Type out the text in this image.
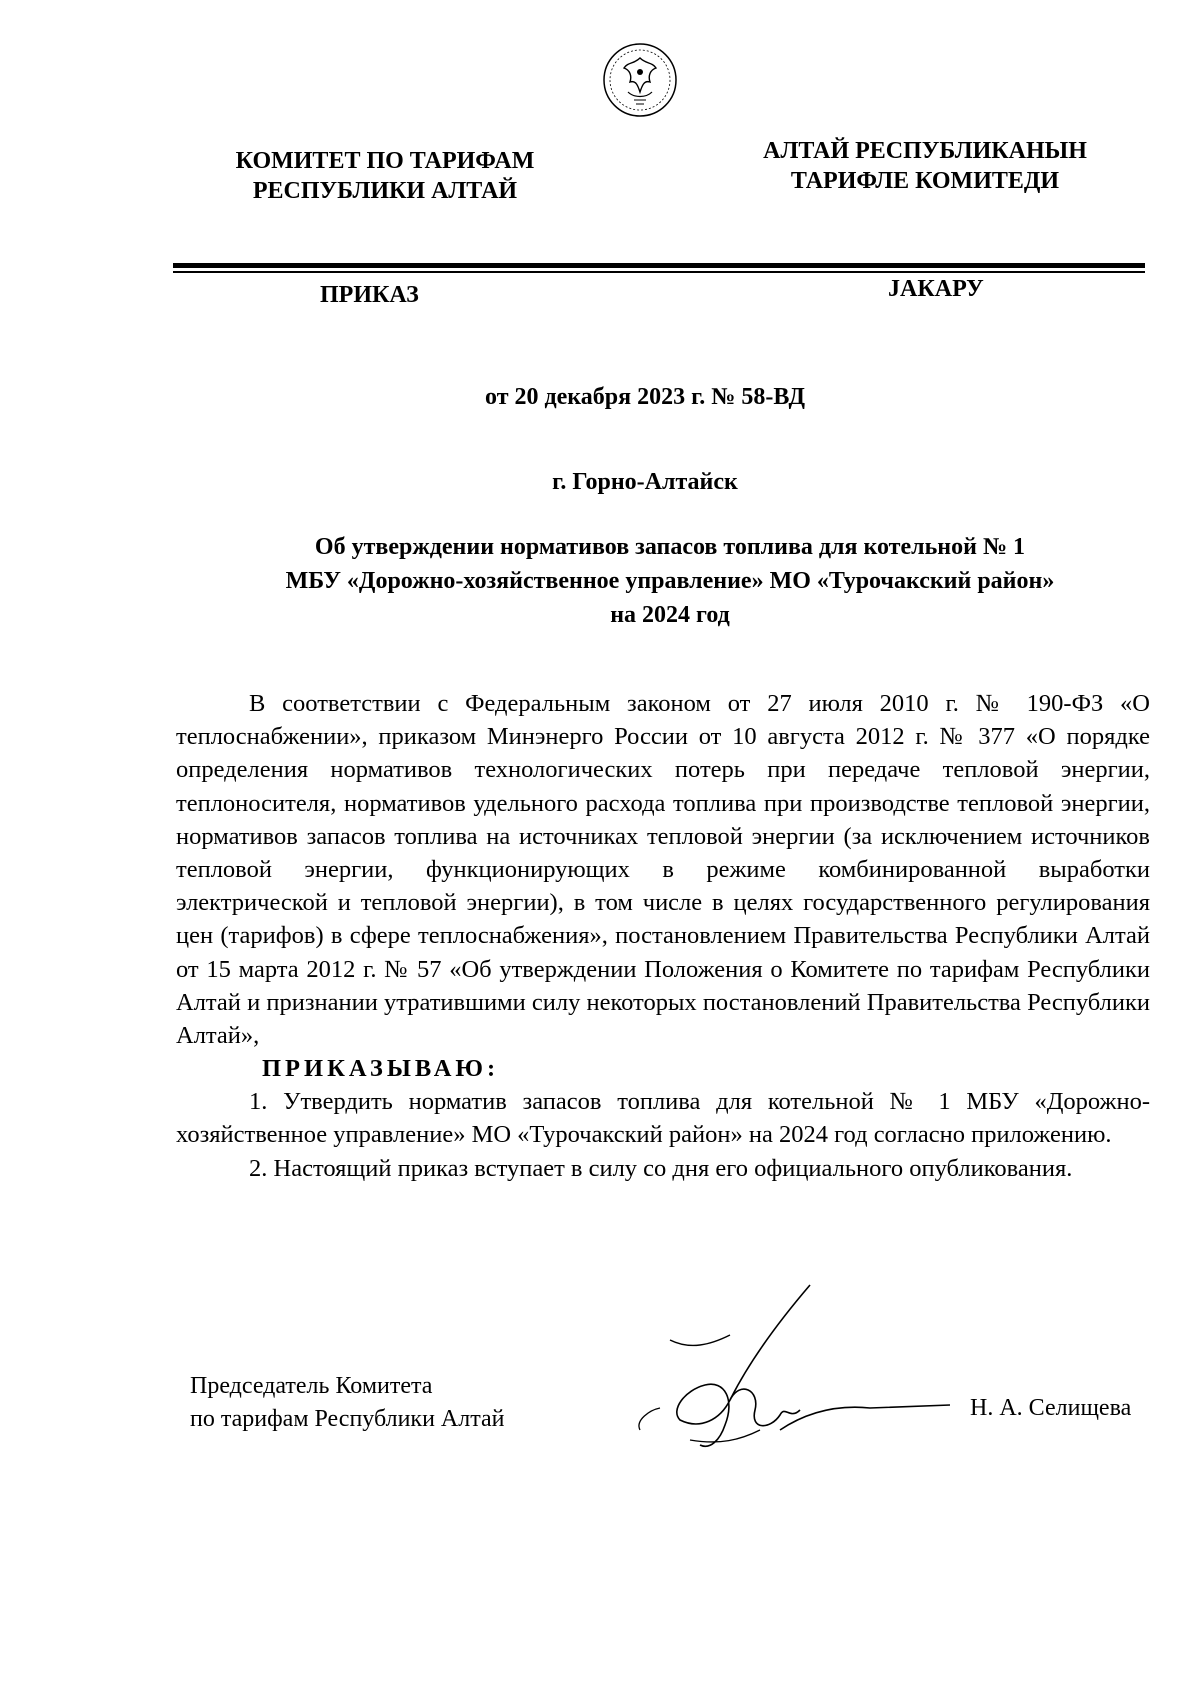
КОМИТЕТ ПО ТАРИФАМ
РЕСПУБЛИКИ АЛТАЙ
АЛТАЙ РЕСПУБЛИКАНЫН
ТАРИФЛЕ КОМИТЕДИ
ПРИКАЗ	ЈАКАРУ
от 20 декабря 2023 г. № 58-ВД
г. Горно-Алтайск
Об утверждении нормативов запасов топлива для котельной № 1
МБУ «Дорожно-хозяйственное управление» МО «Турочакский район»
на 2024 год
В соответствии с Федеральным законом от 27 июля 2010 г. № 190-ФЗ «О теплоснабжении», приказом Минэнерго России от 10 августа 2012 г. № 377 «О порядке определения нормативов технологических потерь при передаче тепловой энергии, теплоносителя, нормативов удельного расхода топлива при производстве тепловой энергии, нормативов запасов топлива на источниках тепловой энергии (за исключением источников тепловой энергии, функционирующих в режиме комбинированной выработки электрической и тепловой энергии), в том числе в целях государственного регулирования цен (тарифов) в сфере теплоснабжения», постановлением Правительства Республики Алтай от 15 марта 2012 г. № 57 «Об утверждении Положения о Комитете по тарифам Республики Алтай и признании утратившими силу некоторых постановлений Правительства Республики Алтай»,
ПРИКАЗЫВАЮ:
1. Утвердить норматив запасов топлива для котельной № 1 МБУ «Дорожно-хозяйственное управление» МО «Турочакский район» на 2024 год согласно приложению.
2. Настоящий приказ вступает в силу со дня его официального опубликования.
Председатель Комитета
по тарифам Республики Алтай	Н. А. Селищева
